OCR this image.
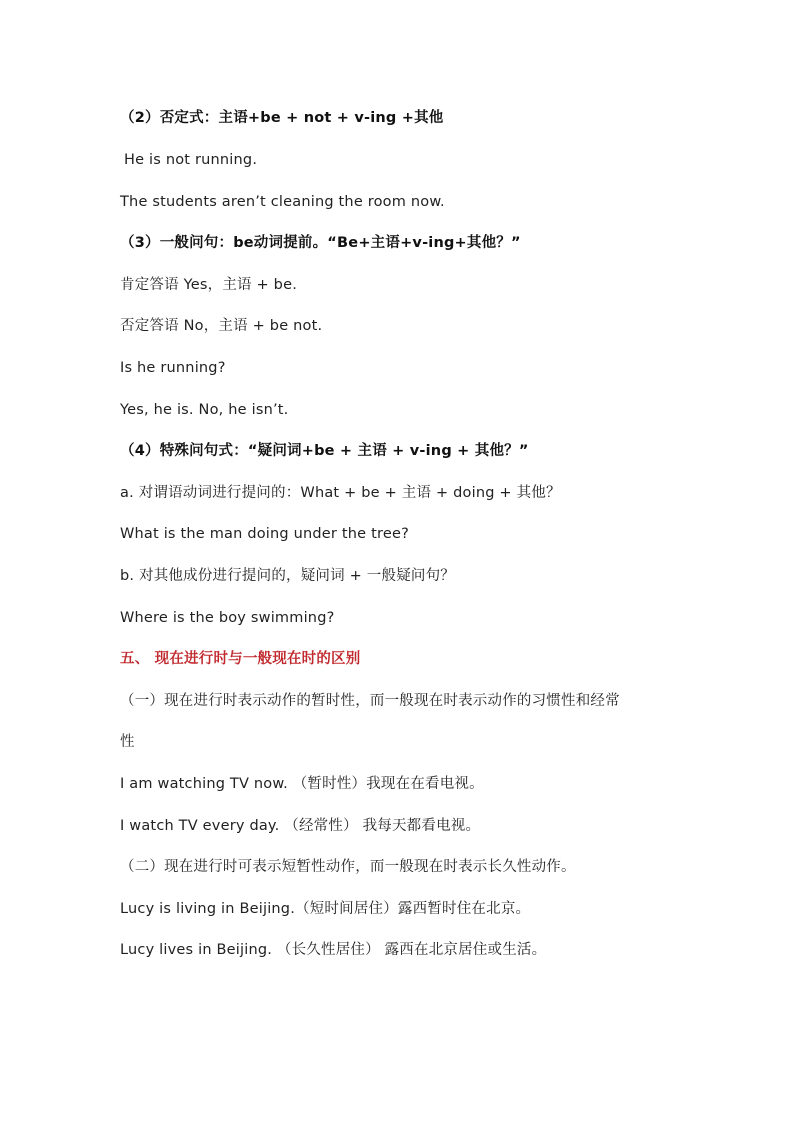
（2）否定式：主语+be + not + v-ing +其他
He is not running.
The students aren’t cleaning the room now.
（3）一般问句：be动词提前。“Be+主语+v-ing+其他？”
肯定答语 Yes，主语 + be.
否定答语 No，主语 + be not.
Is he running?
Yes, he is. No, he isn’t.
（4）特殊问句式：“疑问词+be + 主语 + v-ing + 其他？”
a. 对谓语动词进行提问的：What + be + 主语 + doing + 其他？
What is the man doing under the tree?
b. 对其他成份进行提问的，疑问词 + 一般疑问句？
Where is the boy swimming?
五、 现在进行时与一般现在时的区别
（一）现在进行时表示动作的暂时性，而一般现在时表示动作的习惯性和经常
性
I am watching TV now. （暂时性）我现在在看电视。
I watch TV every day. （经常性） 我每天都看电视。
（二）现在进行时可表示短暂性动作，而一般现在时表示长久性动作。
Lucy is living in Beijing.（短时间居住）露西暂时住在北京。
Lucy lives in Beijing. （长久性居住） 露西在北京居住或生活。
